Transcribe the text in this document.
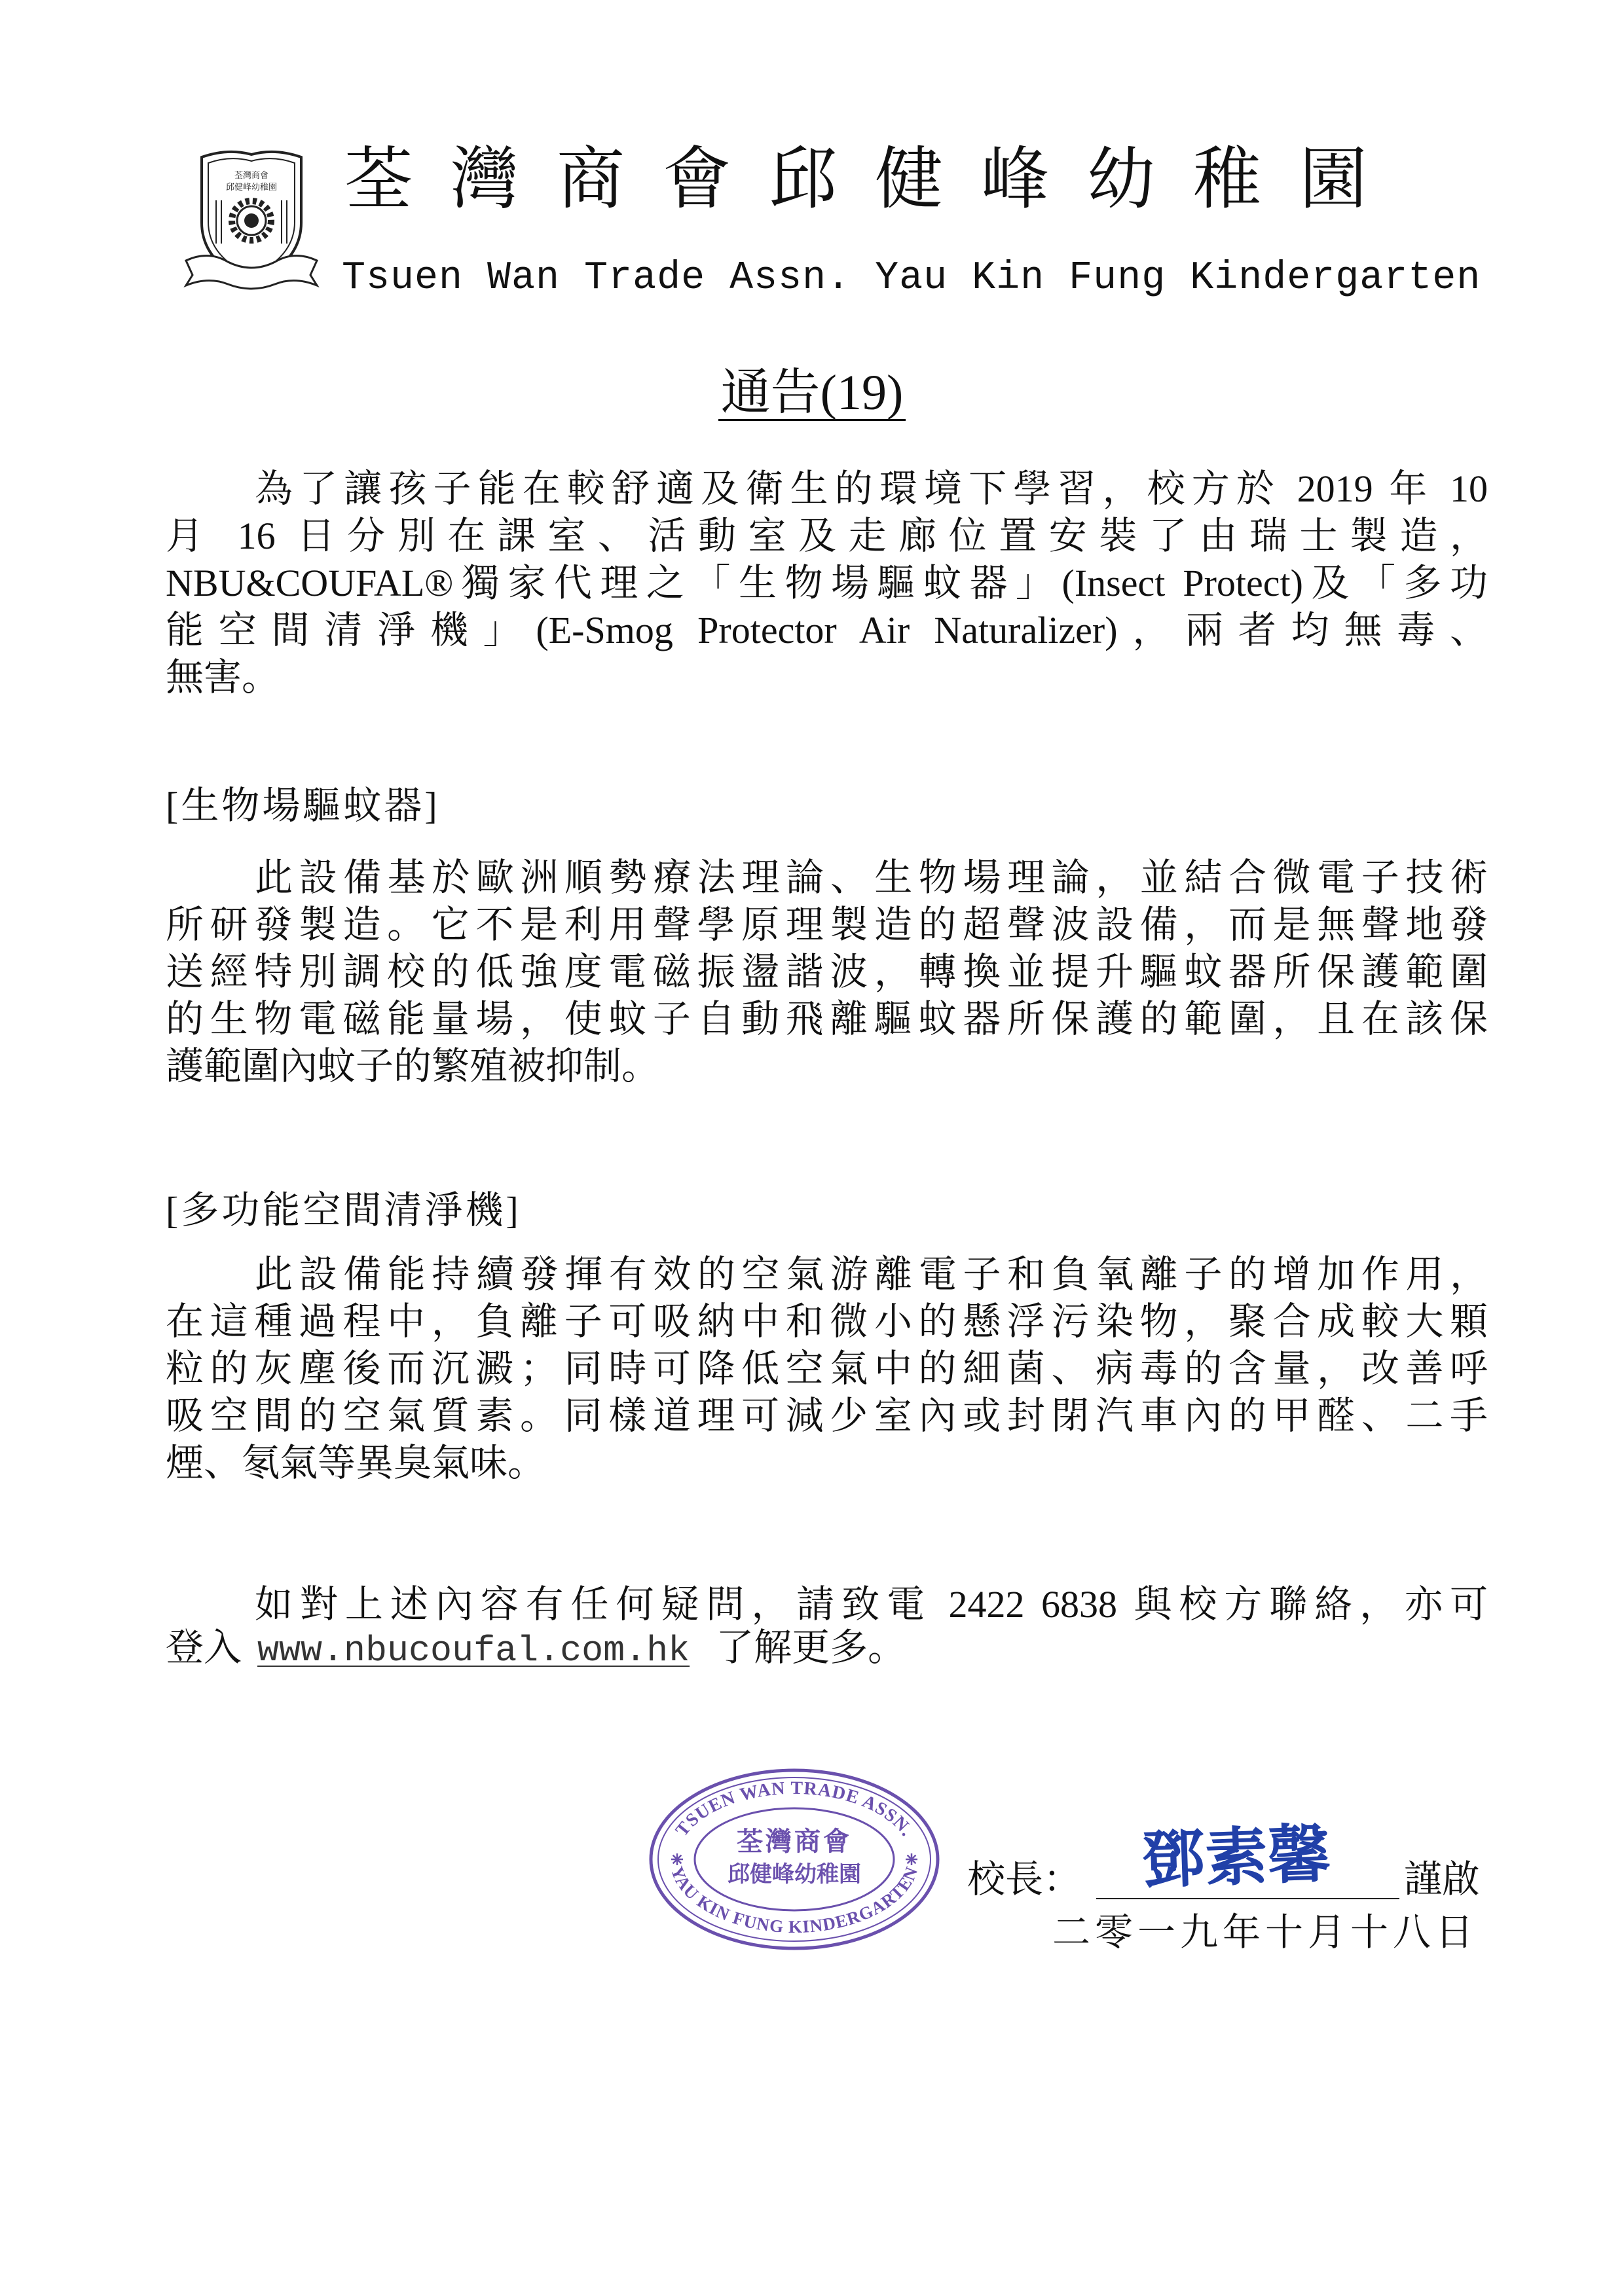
荃灣商會
邱健峰幼稚園 荃灣商會邱健峰幼稚園
Tsuen Wan Trade Assn. Yau Kin Fung Kindergarten
通告(19)
為了讓孩子能在較舒適及衛生的環境下學習，校方於 2019 年 10
月 16 日分別在課室、活動室及走廊位置安裝了由瑞士製造，
NBU&COUFAL®獨家代理之「生物場驅蚊器」(Insect Protect)及「多功
能空間清淨機」(E-Smog Protector Air Naturalizer)，兩者均無毒、
無害。
[生物場驅蚊器]
此設備基於歐洲順勢療法理論、生物場理論，並結合微電子技術
所研發製造。它不是利用聲學原理製造的超聲波設備，而是無聲地發
送經特別調校的低強度電磁振盪諧波，轉換並提升驅蚊器所保護範圍
的生物電磁能量場，使蚊子自動飛離驅蚊器所保護的範圍，且在該保
護範圍內蚊子的繁殖被抑制。
[多功能空間清淨機]
此設備能持續發揮有效的空氣游離電子和負氧離子的增加作用，
在這種過程中，負離子可吸納中和微小的懸浮污染物，聚合成較大顆
粒的灰塵後而沉澱；同時可降低空氣中的細菌、病毒的含量，改善呼
吸空間的空氣質素。同樣道理可減少室內或封閉汽車內的甲醛、二手
煙、氡氣等異臭氣味。
如對上述內容有任何疑問，請致電 2422 6838 與校方聯絡，亦可
登入 www.nbucoufal.com.hk 了解更多。
TSUEN WAN TRADE ASSN.
YAU KIN FUNG KINDERGARTEN
荃灣商會
邱健峰幼稚園	校長： 鄧素馨 謹啟
二零一九年十月十八日
